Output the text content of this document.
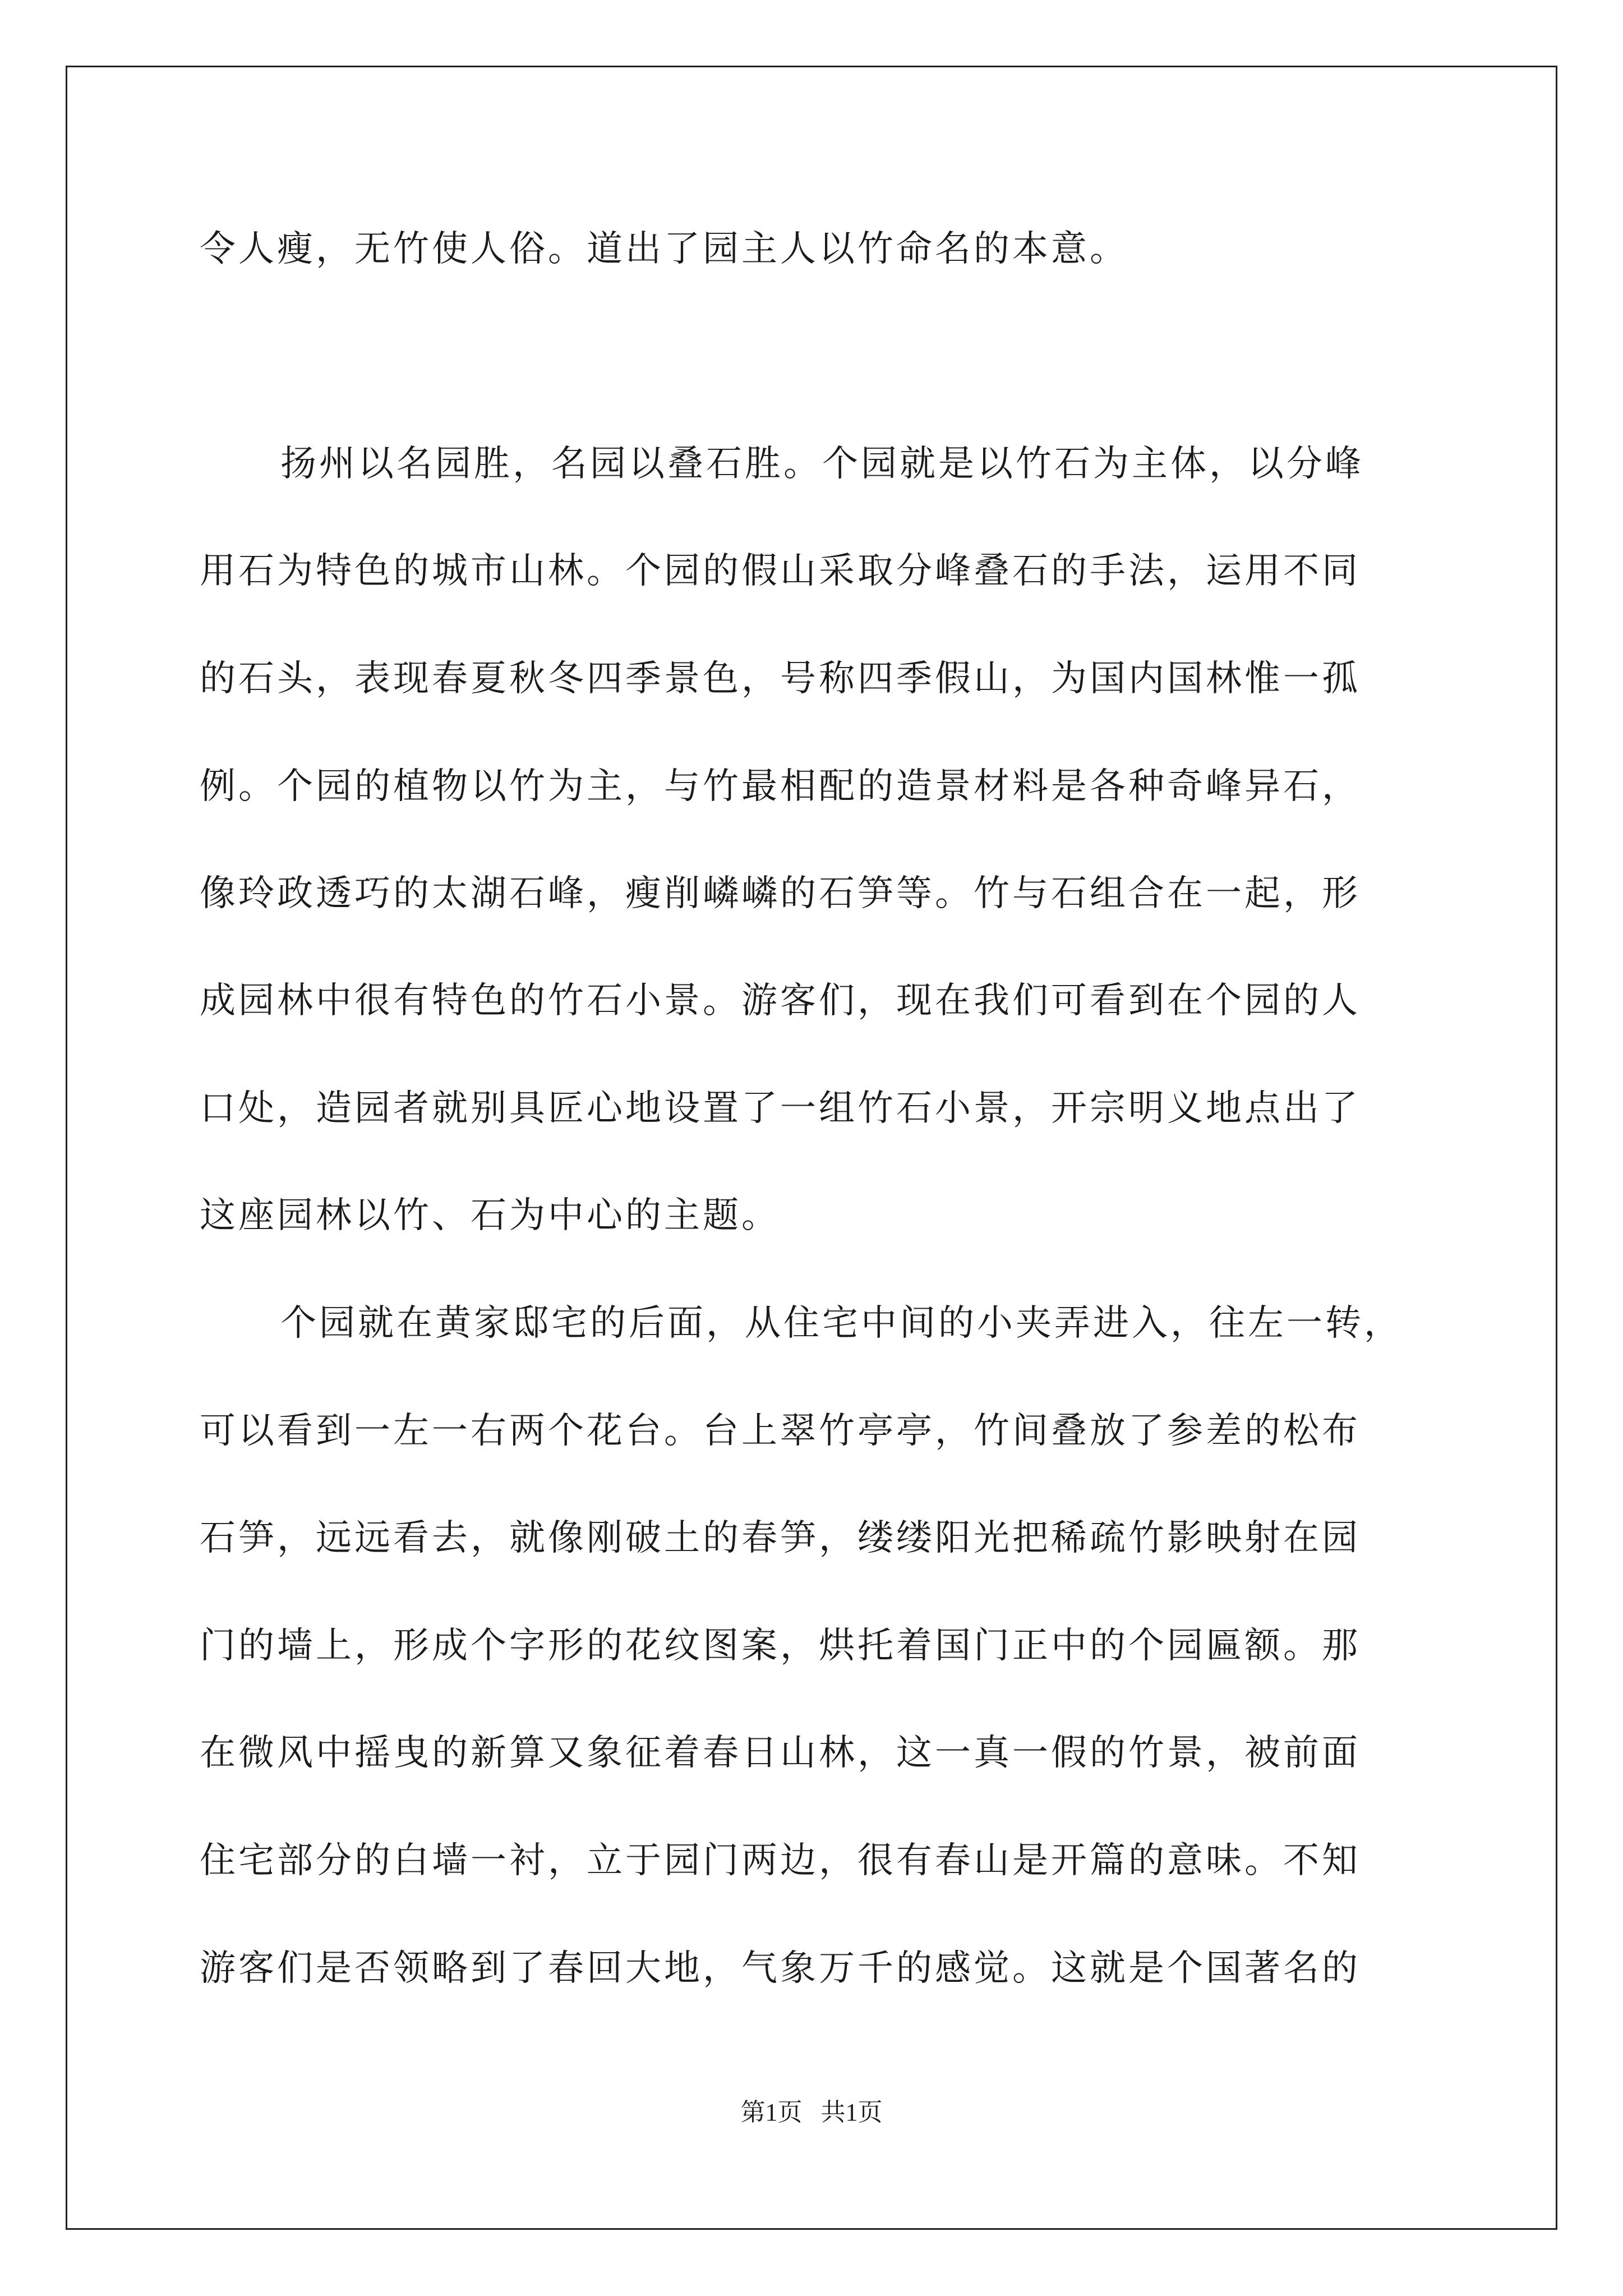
令人瘦，无竹使人俗。道出了园主人以竹命名的本意。
扬州以名园胜，名园以叠石胜。个园就是以竹石为主体，以分峰
用石为特色的城市山林。个园的假山采取分峰叠石的手法，运用不同
的石头，表现春夏秋冬四季景色，号称四季假山，为国内国林惟一孤
例。个园的植物以竹为主，与竹最相配的造景材料是各种奇峰异石，
像玲政透巧的太湖石峰，瘦削嶙嶙的石笋等。竹与石组合在一起，形
成园林中很有特色的竹石小景。游客们，现在我们可看到在个园的人
口处，造园者就别具匠心地设置了一组竹石小景，开宗明义地点出了
这座园林以竹、石为中心的主题。
个园就在黄家邸宅的后面，从住宅中间的小夹弄进入，往左一转，
可以看到一左一右两个花台。台上翠竹亭亭，竹间叠放了参差的松布
石笋，远远看去，就像刚破土的春笋，缕缕阳光把稀疏竹影映射在园
门的墙上，形成个字形的花纹图案，烘托着国门正中的个园匾额。那
在微风中摇曳的新算又象征着春日山林，这一真一假的竹景，被前面
住宅部分的白墙一衬，立于园门两边，很有春山是开篇的意味。不知
游客们是否领略到了春回大地，气象万千的感觉。这就是个国著名的
第1页   共1页
